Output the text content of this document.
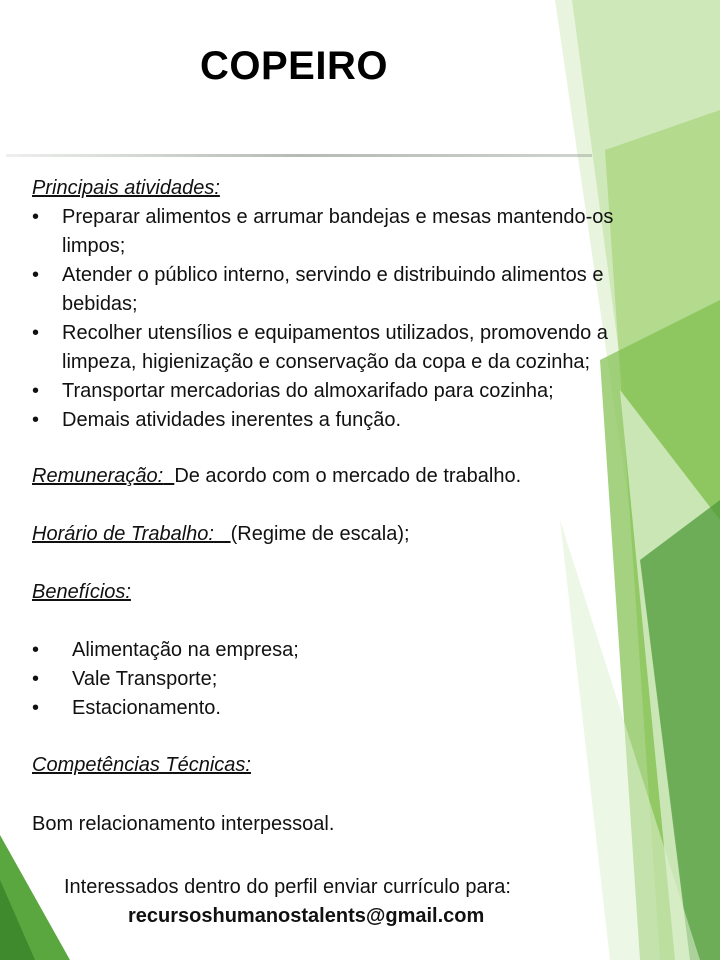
COPEIRO
Principais atividades:
• Preparar alimentos e arrumar bandejas e mesas mantendo-os limpos;
• Atender o público interno, servindo e distribuindo alimentos e bebidas;
• Recolher utensílios e equipamentos utilizados, promovendo a limpeza, higienização e conservação da copa e da cozinha;
• Transportar mercadorias do almoxarifado para cozinha;
• Demais atividades inerentes a função.
Remuneração: De acordo com o mercado de trabalho.
Horário de Trabalho: (Regime de escala);
Benefícios:
• Alimentação na empresa;
• Vale Transporte;
• Estacionamento.
Competências Técnicas:
Bom relacionamento interpessoal.
Interessados dentro do perfil enviar currículo para:
recursoshumanostalents@gmail.com
